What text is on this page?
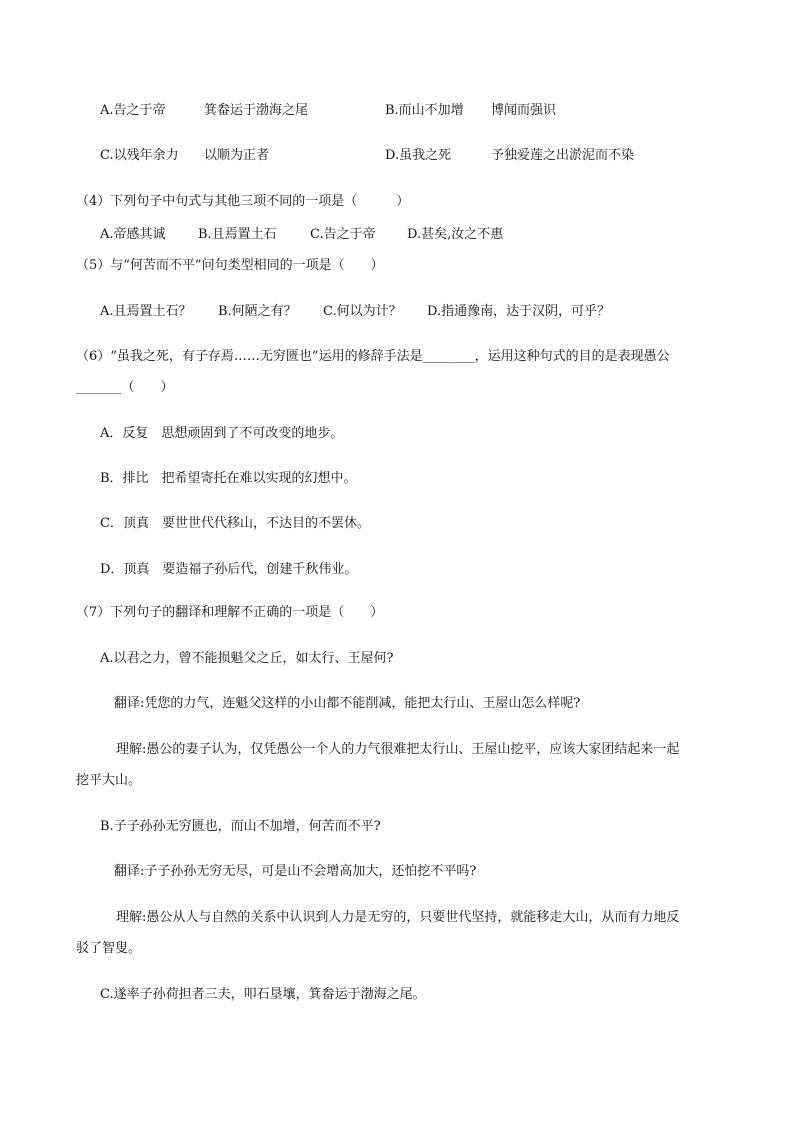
A.告之于帝	箕畚运于渤海之尾	B.而山不加增 博闻而强识
C.以残年余力 以顺为正者	D.虽我之死	予独爱莲之出淤泥而不染
（4）下列句子中句式与其他三项不同的一项是（　　　）
A.帝感其诚 B.且焉置土石	C.告之于帝 D.甚矣,汝之不惠
（5）与“何苦而不平”问句类型相同的一项是（　　）
A.且焉置土石？ B.何陋之有？ C.何以为计？ D.指通豫南，达于汉阴，可乎？
（6）“虽我之死，有子存焉……无穷匮也”运用的修辞手法是________，运用这种句式的目的是表现愚公
_______（　　）
A．反复　思想顽固到了不可改变的地步。
B．排比　把希望寄托在难以实现的幻想中。
C．顶真　要世世代代移山，不达目的不罢休。
D．顶真　要造福子孙后代，创建千秋伟业。
（7）下列句子的翻译和理解不正确的一项是（　　）
A.以君之力，曾不能损魁父之丘，如太行、王屋何?
翻译:凭您的力气，连魁父这样的小山都不能削减，能把太行山、王屋山怎么样呢?
理解:愚公的妻子认为，仅凭愚公一个人的力气很难把太行山、王屋山挖平，应该大家团结起来一起
挖平大山。
B.子子孙孙无穷匮也，而山不加增，何苦而不平?
翻译:子子孙孙无穷无尽，可是山不会增高加大，还怕挖不平吗?
理解:愚公从人与自然的关系中认识到人力是无穷的，只要世代坚持，就能移走大山，从而有力地反
驳了智叟。
C.遂率子孙荷担者三夫，叩石垦壤，箕畚运于渤海之尾。
